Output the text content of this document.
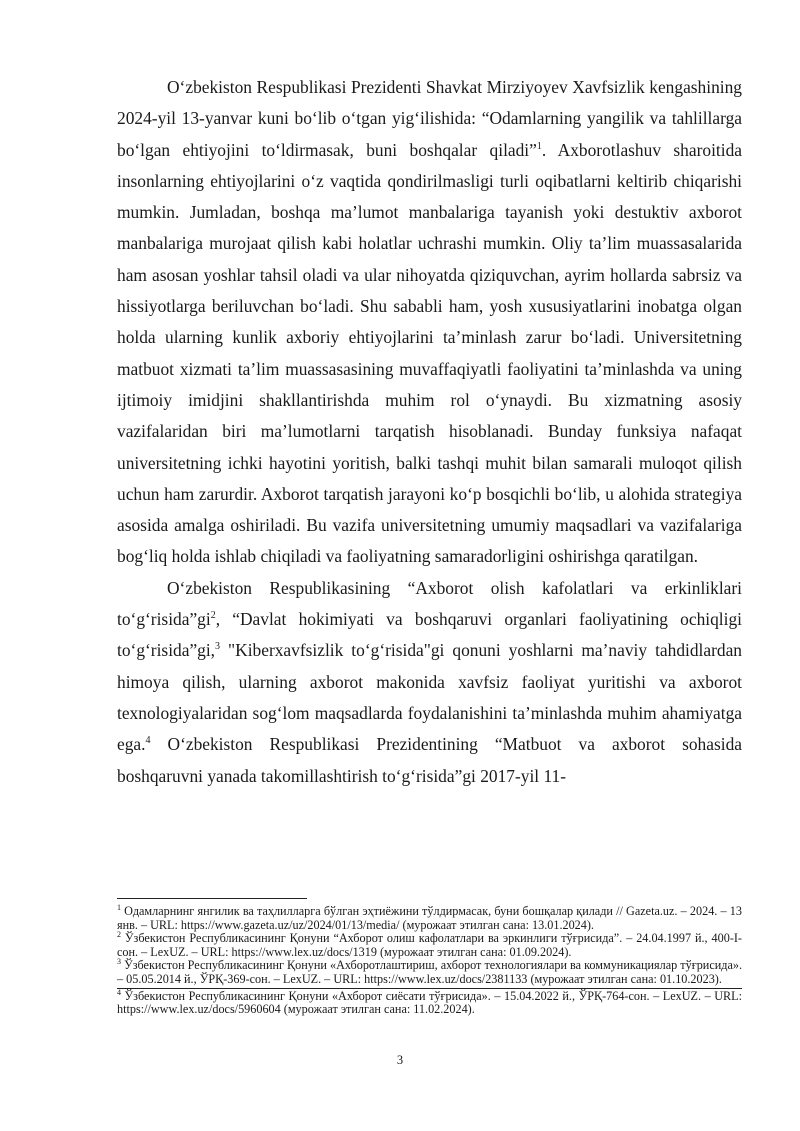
O‘zbekiston Respublikasi Prezidenti Shavkat Mirziyoyev Xavfsizlik kengashining 2024-yil 13-yanvar kuni bo‘lib o‘tgan yig‘ilishida: “Odamlarning yangilik va tahlillarga bo‘lgan ehtiyojini to‘ldirmasak, buni boshqalar qiladi”$^1$. Axborotlashuv sharoitida insonlarning ehtiyojlarini o‘z vaqtida qondirilmasligi turli oqibatlarni keltirib chiqarishi mumkin. Jumladan, boshqa ma’lumot manbalariga tayanish yoki destuktiv axborot manbalariga murojaat qilish kabi holatlar uchrashi mumkin. Oliy ta’lim muassasalarida ham asosan yoshlar tahsil oladi va ular nihoyatda qiziquvchan, ayrim hollarda sabrsiz va hissiyotlarga beriluvchan bo‘ladi. Shu sababli ham, yosh xususiyatlarini inobatga olgan holda ularning kunlik axboriy ehtiyojlarini ta’minlash zarur bo‘ladi. Universitetning matbuot xizmati ta’lim muassasasining muvaffaqiyatli faoliyatini ta’minlashda va uning ijtimoiy imidjini shakllantirishda muhim rol o‘ynaydi. Bu xizmatning asosiy vazifalaridan biri ma’lumotlarni tarqatish hisoblanadi. Bunday funksiya nafaqat universitetning ichki hayotini yoritish, balki tashqi muhit bilan samarali muloqot qilish uchun ham zarurdir. Axborot tarqatish jarayoni ko‘p bosqichli bo‘lib, u alohida strategiya asosida amalga oshiriladi. Bu vazifa universitetning umumiy maqsadlari va vazifalariga bog‘liq holda ishlab chiqiladi va faoliyatning samaradorligini oshirishga qaratilgan.

O‘zbekiston Respublikasining “Axborot olish kafolatlari va erkinliklari $to‘g‘risida”gi^2$, “Davlat hokimiyati va boshqaruvi organlari faoliyatining ochiqligi to‘g‘risida”gi,$^3$ "Kiberxavfsizlik to‘g‘risida"gi qonuni yoshlarni ma’naviy tahdidlardan himoya qilish, ularning axborot makonida xavfsiz faoliyat yuritishi va axborot texnologiyalaridan sog‘lom maqsadlarda foydalanishini ta’minlashda muhim ahamiyatga ega.$^4$ O‘zbekiston Respublikasi Prezidentining “Matbuot va axborot sohasida boshqaruvni yanada takomillashtirish to‘g‘risida”gi 2017-yil 11-

$^1$ Одамларнинг янгилик ва таҳлилларга бўлган эҳтиёжини тўлдирмасак, буни бошқалар қилади // Gazeta.uz. – 2024. – 13 янв. – URL: https://www.gazeta.uz/uz/2024/01/13/media/ (мурожаат этилган сана: 13.01.2024).

$^2$ Ўзбекистон Республикасининг Қонуни “Ахборот олиш кафолатлари ва эркинлиги тўғрисида”. – 24.04.1997 й., 400-I-сон. – LexUZ. – URL: https://www.lex.uz/docs/1319 (мурожаат этилган сана: 01.09.2024).

$^3$ Ўзбекистон Республикасининг Қонуни «Ахборотлаштириш, ахборот технологиялари ва коммуникациялар тўғрисида». – 05.05.2014 й., ЎРҚ-369-сон. – LexUZ. – URL: https://www.lex.uz/docs/2381133 (мурожаат этилган сана: 01.10.2023).

$^4$ Ўзбекистон Республикасининг Қонуни «Ахборот сиёсати тўғрисида». – 15.04.2022 й., ЎРҚ-764-сон. – LexUZ. – URL: https://www.lex.uz/docs/5960604 (мурожаат этилган сана: 11.02.2024).

3
